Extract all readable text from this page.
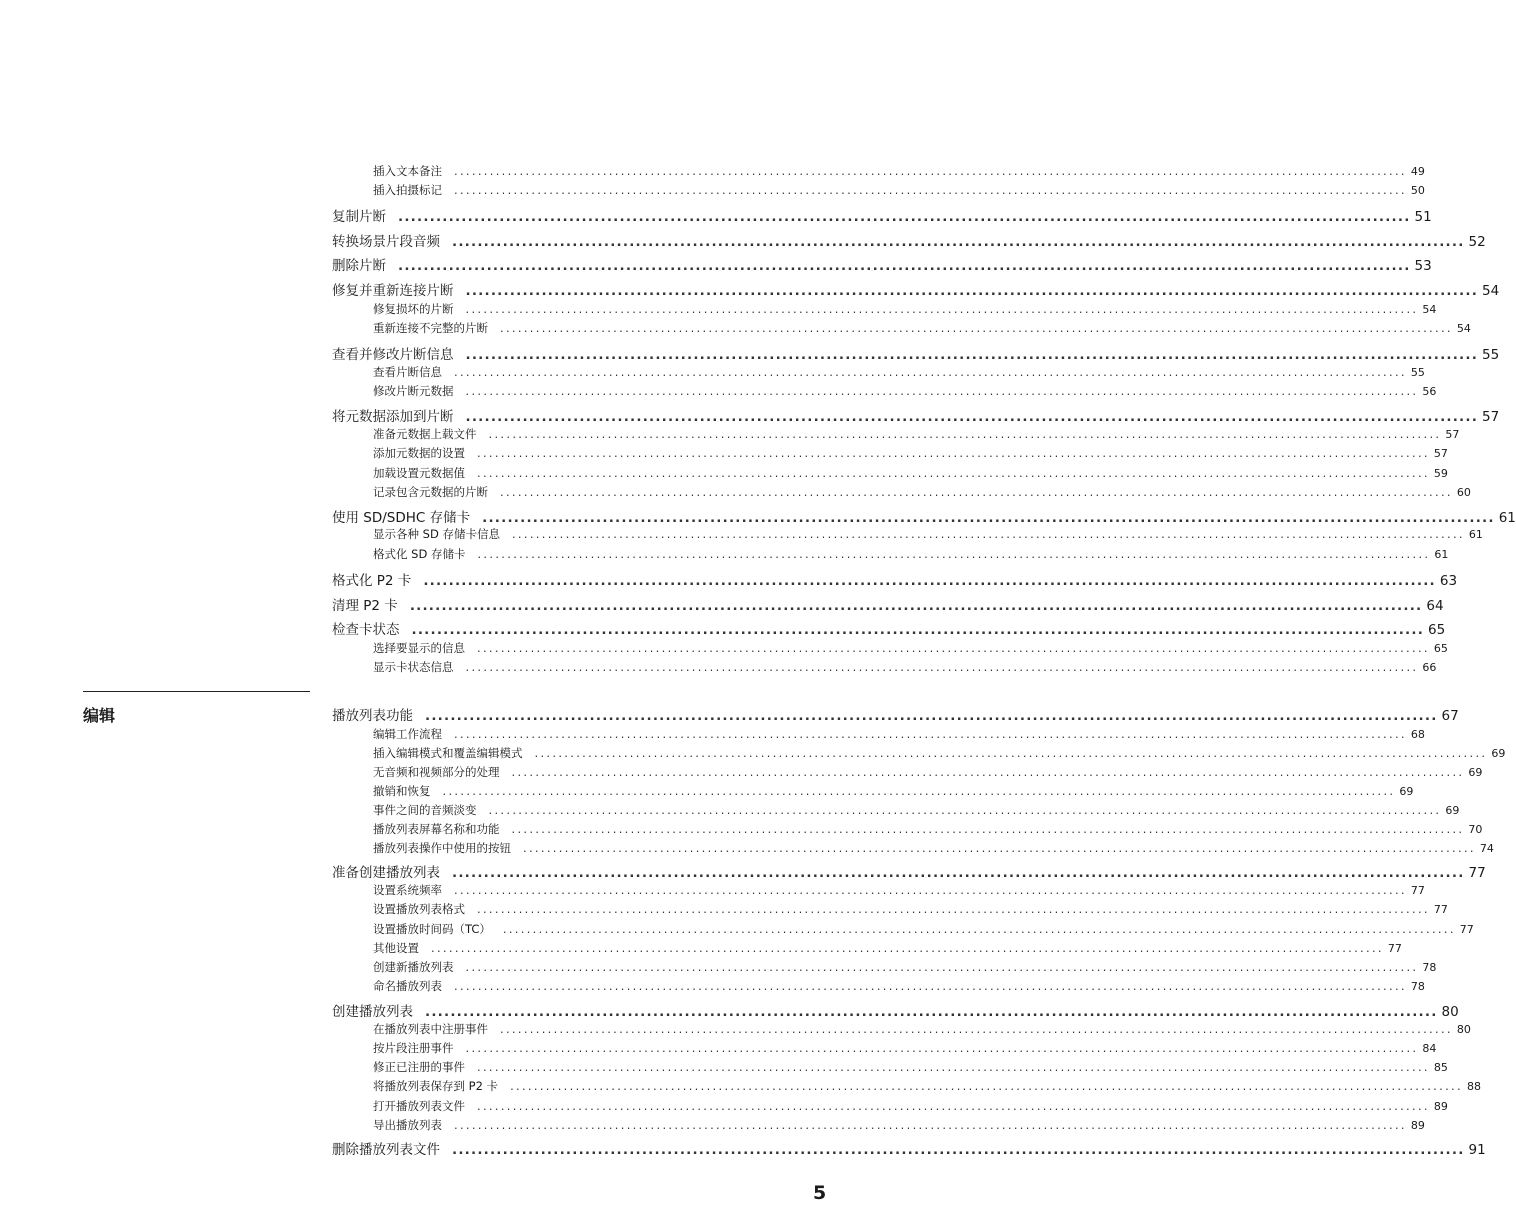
插入文本备注 ................................................................................................................................................................ 49
插入拍摄标记 ................................................................................................................................................................ 50
复制片断 ................................................................................................................................................................ 51
转换场景片段音频 ................................................................................................................................................................ 52
删除片断 ................................................................................................................................................................ 53
修复并重新连接片断 ................................................................................................................................................................ 54
修复损坏的片断 ................................................................................................................................................................ 54
重新连接不完整的片断 ................................................................................................................................................................ 54
查看并修改片断信息 ................................................................................................................................................................ 55
查看片断信息 ................................................................................................................................................................ 55
修改片断元数据 ................................................................................................................................................................ 56
将元数据添加到片断 ................................................................................................................................................................ 57
准备元数据上载文件 ................................................................................................................................................................ 57
添加元数据的设置 ................................................................................................................................................................ 57
加载设置元数据值 ................................................................................................................................................................ 59
记录包含元数据的片断 ................................................................................................................................................................ 60
使用 SD/SDHC 存储卡 ................................................................................................................................................................ 61
显示各种 SD 存储卡信息 ................................................................................................................................................................ 61
格式化 SD 存储卡 ................................................................................................................................................................ 61
格式化 P2 卡 ................................................................................................................................................................ 63
清理 P2 卡 ................................................................................................................................................................ 64
检查卡状态 ................................................................................................................................................................ 65
选择要显示的信息 ................................................................................................................................................................ 65
显示卡状态信息 ................................................................................................................................................................ 66
播放列表功能 ................................................................................................................................................................ 67
编辑工作流程 ................................................................................................................................................................ 68
插入编辑模式和覆盖编辑模式 ................................................................................................................................................................ 69
无音频和视频部分的处理 ................................................................................................................................................................ 69
撤销和恢复 ................................................................................................................................................................ 69
事件之间的音频淡变 ................................................................................................................................................................ 69
播放列表屏幕名称和功能 ................................................................................................................................................................ 70
播放列表操作中使用的按钮 ................................................................................................................................................................ 74
准备创建播放列表 ................................................................................................................................................................ 77
设置系统频率 ................................................................................................................................................................ 77
设置播放列表格式 ................................................................................................................................................................ 77
设置播放时间码（TC） ................................................................................................................................................................ 77
其他设置 ................................................................................................................................................................ 77
创建新播放列表 ................................................................................................................................................................ 78
命名播放列表 ................................................................................................................................................................ 78
创建播放列表 ................................................................................................................................................................ 80
在播放列表中注册事件 ................................................................................................................................................................ 80
按片段注册事件 ................................................................................................................................................................ 84
修正已注册的事件 ................................................................................................................................................................ 85
将播放列表保存到 P2 卡 ................................................................................................................................................................ 88
打开播放列表文件 ................................................................................................................................................................ 89
导出播放列表 ................................................................................................................................................................ 89
删除播放列表文件 ................................................................................................................................................................ 91
编辑
5
